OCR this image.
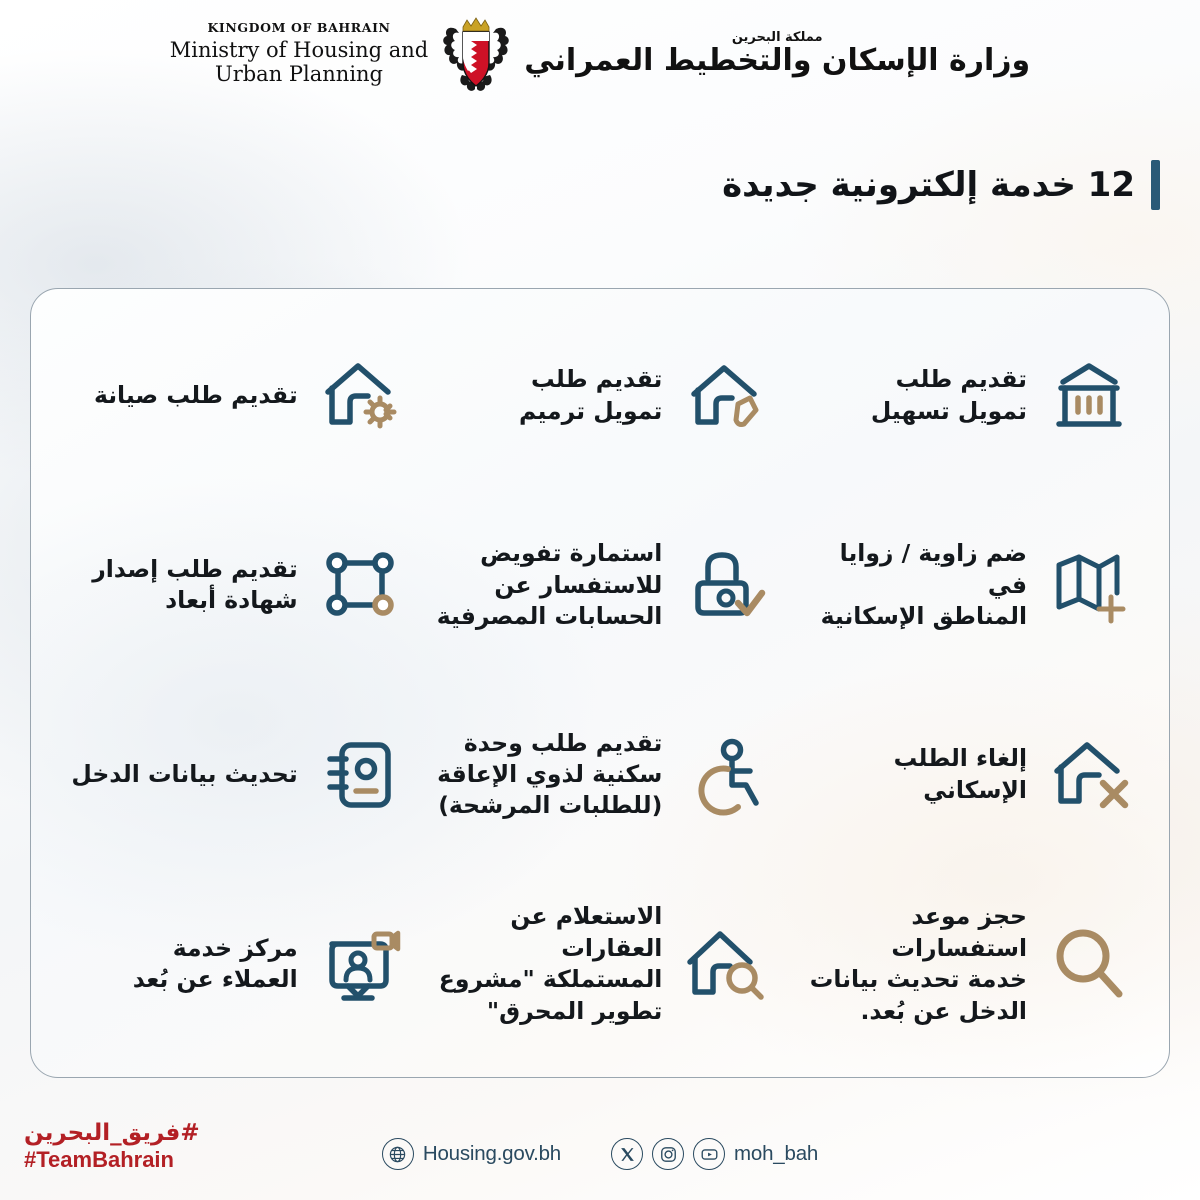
KINGDOM OF BAHRAIN
Ministry of Housing and
Urban Planning
مملكة البحرين
وزارة الإسكان والتخطيط العمراني
12 خدمة إلكترونية جديدة
تقديم طلب
تمويل تسهيل
تقديم طلب
تمويل ترميم
تقديم طلب صيانة
ضم زاوية / زوايا في
المناطق الإسكانية
استمارة تفويض
للاستفسار عن
الحسابات المصرفية
تقديم طلب إصدار
شهادة أبعاد
إلغاء الطلب الإسكاني
تقديم طلب وحدة
سكنية لذوي الإعاقة
(للطلبات المرشحة)
تحديث بيانات الدخل
حجز موعد استفسارات
خدمة تحديث بيانات
الدخل عن بُعد.
الاستعلام عن العقارات
المستملكة "مشروع
تطوير المحرق"
مركز خدمة
العملاء عن بُعد
#فريق_البحرين
#TeamBahrain	Housing.gov.bh	moh_bah
